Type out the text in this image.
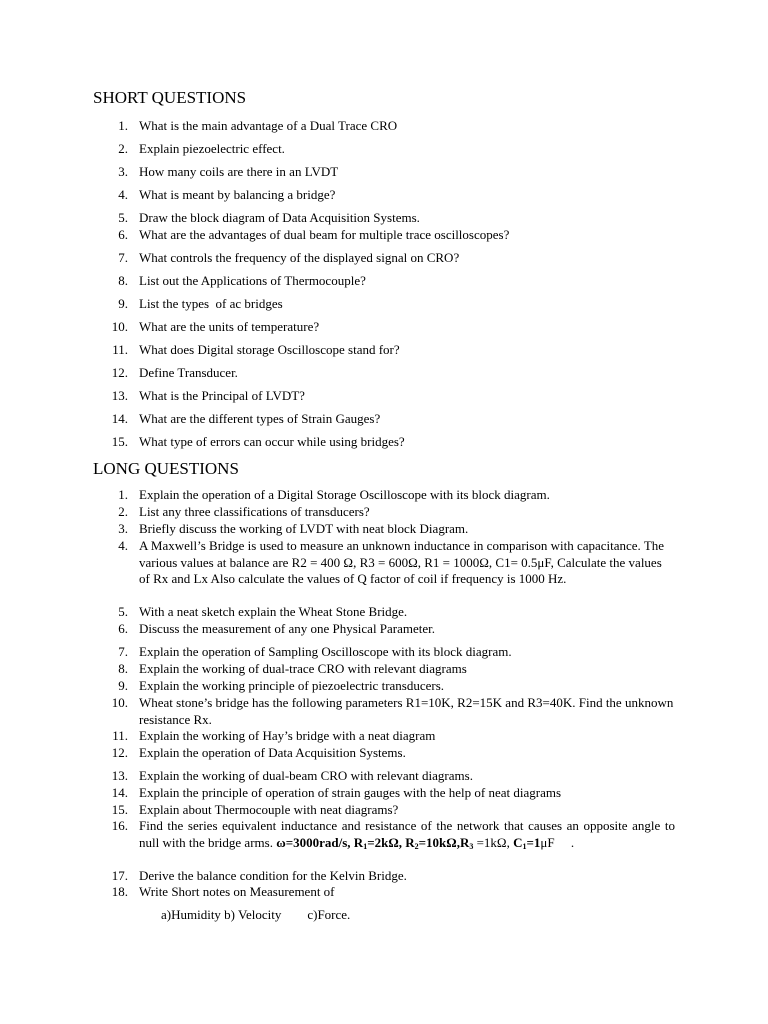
SHORT QUESTIONS
1. What is the main advantage of a Dual Trace CRO
2. Explain piezoelectric effect.
3. How many coils are there in an LVDT
4. What is meant by balancing a bridge?
5. Draw the block diagram of Data Acquisition Systems.
6. What are the advantages of dual beam for multiple trace oscilloscopes?
7. What controls the frequency of the displayed signal on CRO?
8. List out the Applications of Thermocouple?
9. List the types  of ac bridges
10. What are the units of temperature?
11. What does Digital storage Oscilloscope stand for?
12. Define Transducer.
13. What is the Principal of LVDT?
14. What are the different types of Strain Gauges?
15. What type of errors can occur while using bridges?
LONG QUESTIONS
1. Explain the operation of a Digital Storage Oscilloscope with its block diagram.
2. List any three classifications of transducers?
3. Briefly discuss the working of LVDT with neat block Diagram.
4. A Maxwell’s Bridge is used to measure an unknown inductance in comparison with capacitance. The various values at balance are R2 = 400 Ω, R3 = 600Ω, R1 = 1000Ω, C1= 0.5μF, Calculate the values of Rx and Lx Also calculate the values of Q factor of coil if frequency is 1000 Hz.
5. With a neat sketch explain the Wheat Stone Bridge.
6. Discuss the measurement of any one Physical Parameter.
7. Explain the operation of Sampling Oscilloscope with its block diagram.
8. Explain the working of dual-trace CRO with relevant diagrams
9. Explain the working principle of piezoelectric transducers.
10. Wheat stone’s bridge has the following parameters R1=10K, R2=15K and R3=40K. Find the unknown resistance Rx.
11. Explain the working of Hay’s bridge with a neat diagram
12. Explain the operation of Data Acquisition Systems.
13. Explain the working of dual-beam CRO with relevant diagrams.
14. Explain the principle of operation of strain gauges with the help of neat diagrams
15. Explain about Thermocouple with neat diagrams?
16. Find the series equivalent inductance and resistance of the network that causes an opposite angle to null with the bridge arms. ω=3000rad/s, $R_1=2k\Omega$, $R_2=10k\Omega,R_3 =1k\Omega$, $C_1=1\mu F$ .
17. Derive the balance condition for the Kelvin Bridge.
18. Write Short notes on Measurement of
a)Humidity b) Velocity        c)Force.
